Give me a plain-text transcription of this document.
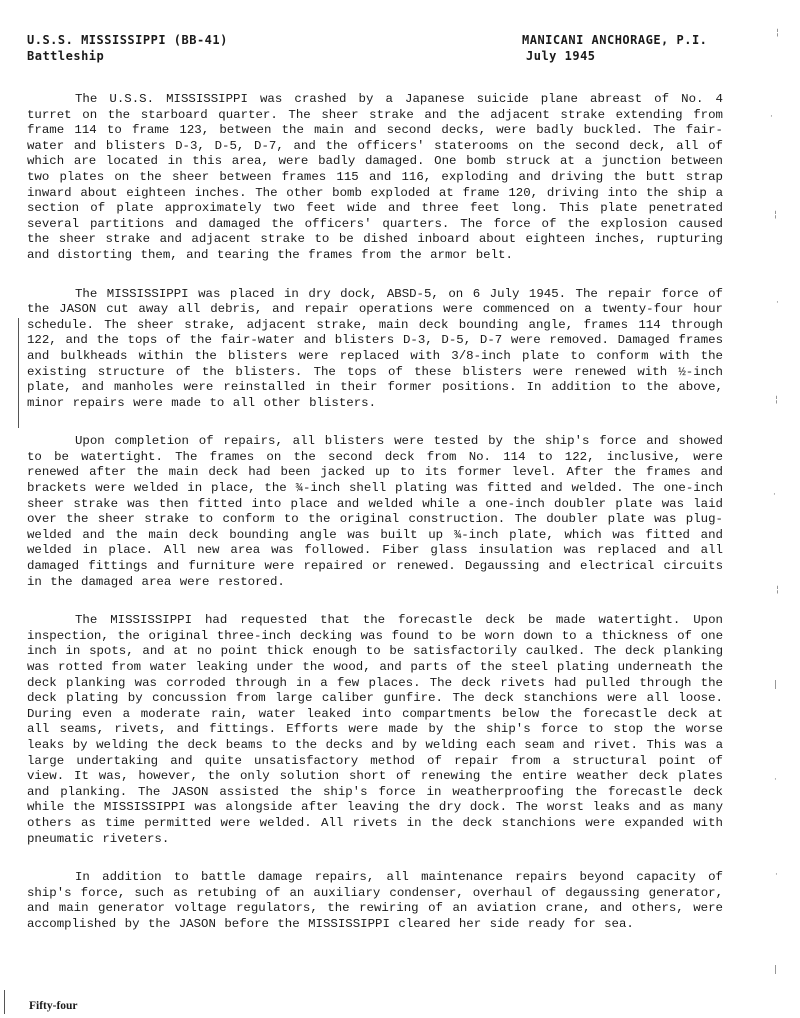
U.S.S. MISSISSIPPI (BB-41)
Battleship
MANICANI ANCHORAGE, P.I.
July 1945

The U.S.S. MISSISSIPPI was crashed by a Japanese suicide plane abreast of No. 4 turret on the starboard quarter. The sheer strake and the adjacent strake extending from frame 114 to frame 123, between the main and second decks, were badly buckled. The fair-water and blisters D-3, D-5, D-7, and the officers' staterooms on the second deck, all of which are located in this area, were badly damaged. One bomb struck at a junction between two plates on the sheer between frames 115 and 116, exploding and driving the butt strap inward about eighteen inches. The other bomb exploded at frame 120, driving into the ship a section of plate approximately two feet wide and three feet long. This plate penetrated several partitions and damaged the officers' quarters. The force of the explosion caused the sheer strake and adjacent strake to be dished inboard about eighteen inches, rupturing and distorting them, and tearing the frames from the armor belt.

The MISSISSIPPI was placed in dry dock, ABSD-5, on 6 July 1945. The repair force of the JASON cut away all debris, and repair operations were commenced on a twenty-four hour schedule. The sheer strake, adjacent strake, main deck bounding angle, frames 114 through 122, and the tops of the fair-water and blisters D-3, D-5, D-7 were removed. Damaged frames and bulkheads within the blisters were replaced with 3/8-inch plate to conform with the existing structure of the blisters. The tops of these blisters were renewed with ½-inch plate, and manholes were reinstalled in their former positions. In addition to the above, minor repairs were made to all other blisters.

Upon completion of repairs, all blisters were tested by the ship's force and showed to be watertight. The frames on the second deck from No. 114 to 122, inclusive, were renewed after the main deck had been jacked up to its former level. After the frames and brackets were welded in place, the ¾-inch shell plating was fitted and welded. The one-inch sheer strake was then fitted into place and welded while a one-inch doubler plate was laid over the sheer strake to conform to the original construction. The doubler plate was plug-welded and the main deck bounding angle was built up ¾-inch plate, which was fitted and welded in place. All new area was followed. Fiber glass insulation was replaced and all damaged fittings and furniture were repaired or renewed. Degaussing and electrical circuits in the damaged area were restored.

The MISSISSIPPI had requested that the forecastle deck be made watertight. Upon inspection, the original three-inch decking was found to be worn down to a thickness of one inch in spots, and at no point thick enough to be satisfactorily caulked. The deck planking was rotted from water leaking under the wood, and parts of the steel plating underneath the deck planking was corroded through in a few places. The deck rivets had pulled through the deck plating by concussion from large caliber gunfire. The deck stanchions were all loose. During even a moderate rain, water leaked into compartments below the forecastle deck at all seams, rivets, and fittings. Efforts were made by the ship's force to stop the worse leaks by welding the deck beams to the decks and by welding each seam and rivet. This was a large undertaking and quite unsatisfactory method of repair from a structural point of view. It was, however, the only solution short of renewing the entire weather deck plates and planking. The JASON assisted the ship's force in weatherproofing the forecastle deck while the MISSISSIPPI was alongside after leaving the dry dock. The worst leaks and as many others as time permitted were welded. All rivets in the deck stanchions were expanded with pneumatic riveters.

In addition to battle damage repairs, all maintenance repairs beyond capacity of ship's force, such as retubing of an auxiliary condenser, overhaul of degaussing generator, and main generator voltage regulators, the rewiring of an aviation crane, and others, were accomplished by the JASON before the MISSISSIPPI cleared her side ready for sea.

¦
·
¦
·
¦
·
¦
|
·
·
|
Fifty-four
